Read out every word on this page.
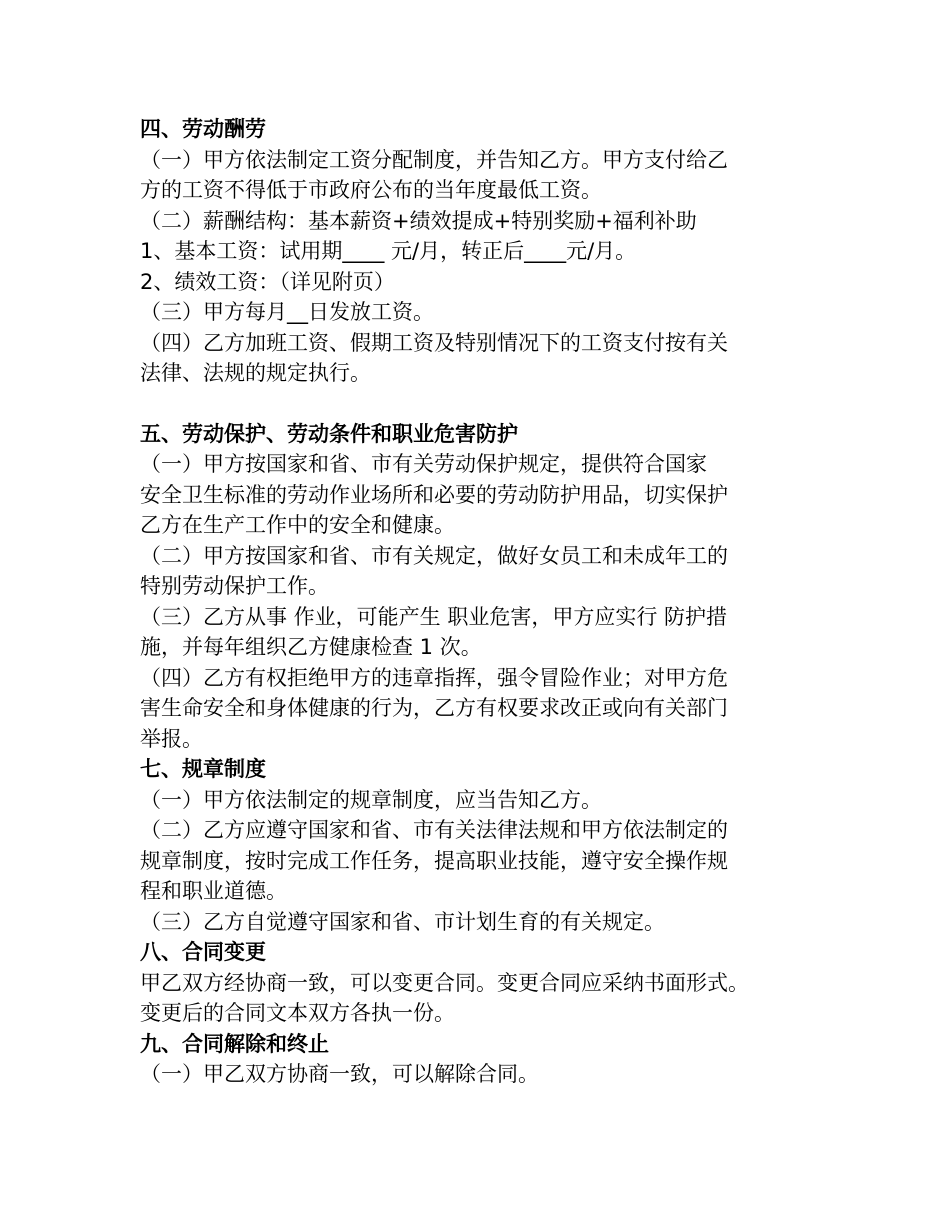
四、劳动酬劳
（一）甲方依法制定工资分配制度，并告知乙方。甲方支付给乙
方的工资不得低于市政府公布的当年度最低工资。
（二）薪酬结构：基本薪资+绩效提成+特别奖励+福利补助
1、基本工资：试用期____ 元/月，转正后____元/月。
2、绩效工资：（详见附页）
（三）甲方每月__日发放工资。
（四）乙方加班工资、假期工资及特别情况下的工资支付按有关
法律、法规的规定执行。
五、劳动保护、劳动条件和职业危害防护
（一）甲方按国家和省、市有关劳动保护规定，提供符合国家
安全卫生标准的劳动作业场所和必要的劳动防护用品，切实保护
乙方在生产工作中的安全和健康。
（二）甲方按国家和省、市有关规定，做好女员工和未成年工的
特别劳动保护工作。
（三）乙方从事 作业，可能产生 职业危害，甲方应实行 防护措
施，并每年组织乙方健康检查 1 次。
（四）乙方有权拒绝甲方的违章指挥，强令冒险作业；对甲方危
害生命安全和身体健康的行为，乙方有权要求改正或向有关部门
举报。
七、规章制度
（一）甲方依法制定的规章制度，应当告知乙方。
（二）乙方应遵守国家和省、市有关法律法规和甲方依法制定的
规章制度，按时完成工作任务，提高职业技能，遵守安全操作规
程和职业道德。
（三）乙方自觉遵守国家和省、市计划生育的有关规定。
八、合同变更
甲乙双方经协商一致，可以变更合同。变更合同应采纳书面形式。
变更后的合同文本双方各执一份。
九、合同解除和终止
（一）甲乙双方协商一致，可以解除合同。
